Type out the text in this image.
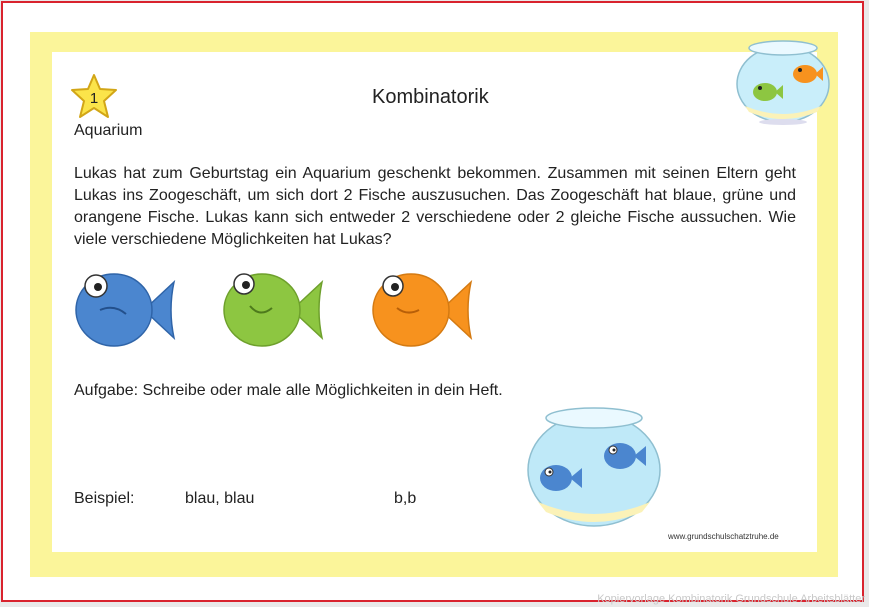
1	Kombinatorik
Aquarium

Lukas hat zum Geburtstag ein Aquarium geschenkt bekommen. Zusammen mit seinen Eltern geht Lukas ins Zoogeschäft, um sich dort 2 Fische auszusuchen. Das Zoogeschäft hat blaue, grüne und orangene Fische. Lukas kann sich entweder 2 verschiedene oder 2 gleiche Fische aussuchen. Wie viele verschiedene Möglichkeiten hat Lukas?

Aufgabe: Schreibe oder male alle Möglichkeiten in dein Heft.
Beispiel:	blau, blau	b,b
www.grundschulschatztruhe.de
Kopiervorlage Kombinatorik Grundschule Arbeitsblätter
